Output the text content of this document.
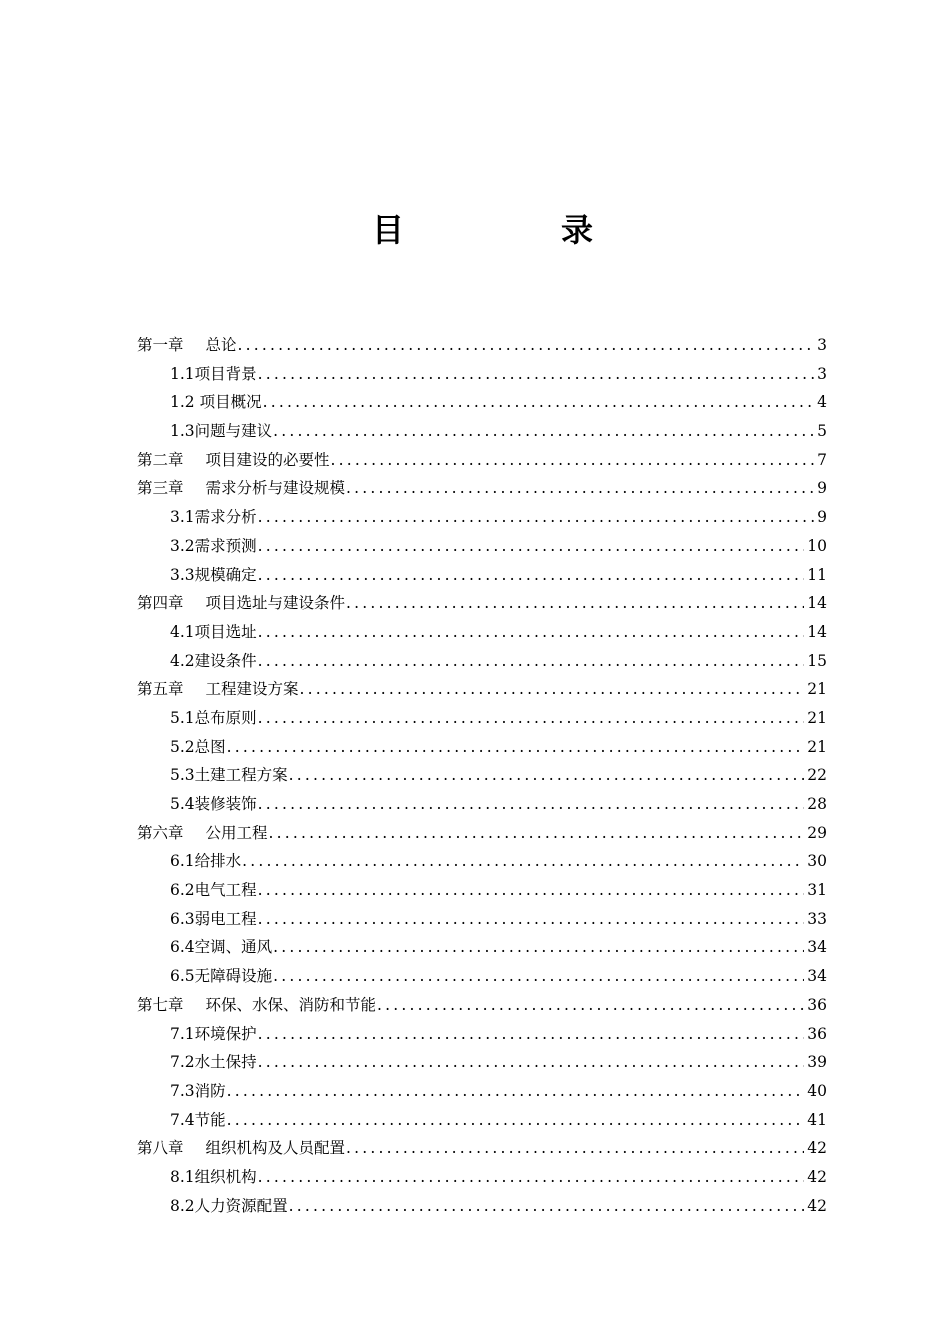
目	录
第一章 总论 .....	3
1.1项目背景 .....	3
1.2 项目概况 .....	4
1.3问题与建议 .....	5
第二章 项目建设的必要性 .....	7
第三章 需求分析与建设规模 .....	9
3.1需求分析 .....	9
3.2需求预测 .....	10
3.3规模确定 .....	11
第四章 项目选址与建设条件 .....	14
4.1项目选址 .....	14
4.2建设条件 .....	15
第五章 工程建设方案 .....	21
5.1总布原则 .....	21
5.2总图 .....	21
5.3土建工程方案 .....	22
5.4装修装饰 .....	28
第六章 公用工程 .....	29
6.1给排水 .....	30
6.2电气工程 .....	31
6.3弱电工程 .....	33
6.4空调、通风 .....	34
6.5无障碍设施 .....	34
第七章 环保、水保、消防和节能 .....	36
7.1环境保护 .....	36
7.2水土保持 .....	39
7.3消防 .....	40
7.4节能 .....	41
第八章 组织机构及人员配置 .....	42
8.1组织机构 .....	42
8.2人力资源配置 .....	42
